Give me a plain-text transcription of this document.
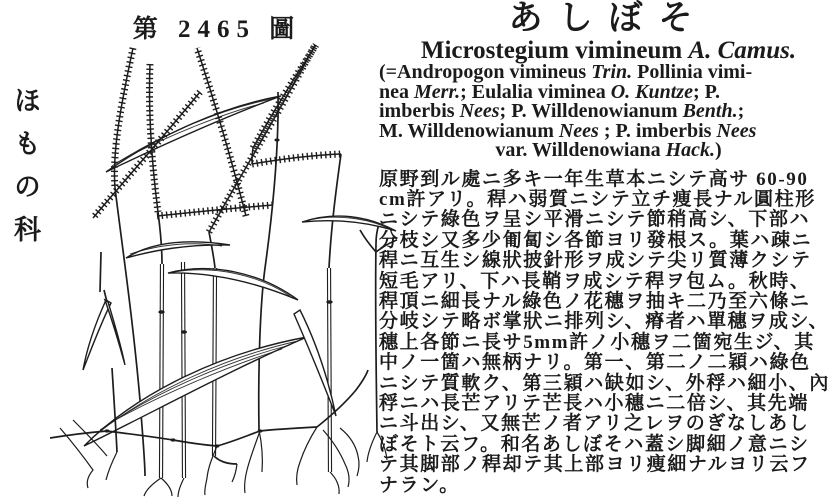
第 2465 圖
ほもの科
あしぼそ
Microstegium vimineum A. Camus.
(=Andropogon vimineus Trin. Pollinia vimi-
nea Merr.; Eulalia viminea O. Kuntze; P.
imberbis Nees; P. Willdenowianum Benth.;
M. Willdenowianum Nees ; P. imberbis Nees
var. Willdenowiana Hack.)
原野到ル處ニ多キ一年生草本ニシテ高サ 60-90
cm許アリ。稈ハ弱質ニシテ立チ痩長ナル圓柱形
ニシテ綠色ヲ呈シ平滑ニシテ節稍高シ、下部ハ
分枝シ又多少匍匐シ各節ヨリ發根ス。葉ハ疎ニ
稈ニ互生シ線狀披針形ヲ成シテ尖リ質薄クシテ
短毛アリ、下ハ長鞘ヲ成シテ稈ヲ包ム。秋時、
稈頂ニ細長ナル綠色ノ花穗ヲ抽キ二乃至六條ニ
分岐シテ略ボ掌狀ニ排列シ、瘠者ハ單穗ヲ成シ、
穗上各節ニ長サ5mm許ノ小穗ヲ二箇宛生ジ、其
中ノ一箇ハ無柄ナリ。第一、第二ノ二穎ハ綠色
ニシテ質軟ク、第三穎ハ缺如シ、外稃ハ細小、內
稃ニハ長芒アリテ芒長ハ小穗ニ二倍シ、其先端
ニ斗出シ、又無芒ノ者アリ之レヲのぎなしあし
ぼそト云フ。和名あしぼそハ蓋シ脚細ノ意ニシ
テ其脚部ノ稈却テ其上部ヨリ痩細ナルヨリ云フ
ナラン。
